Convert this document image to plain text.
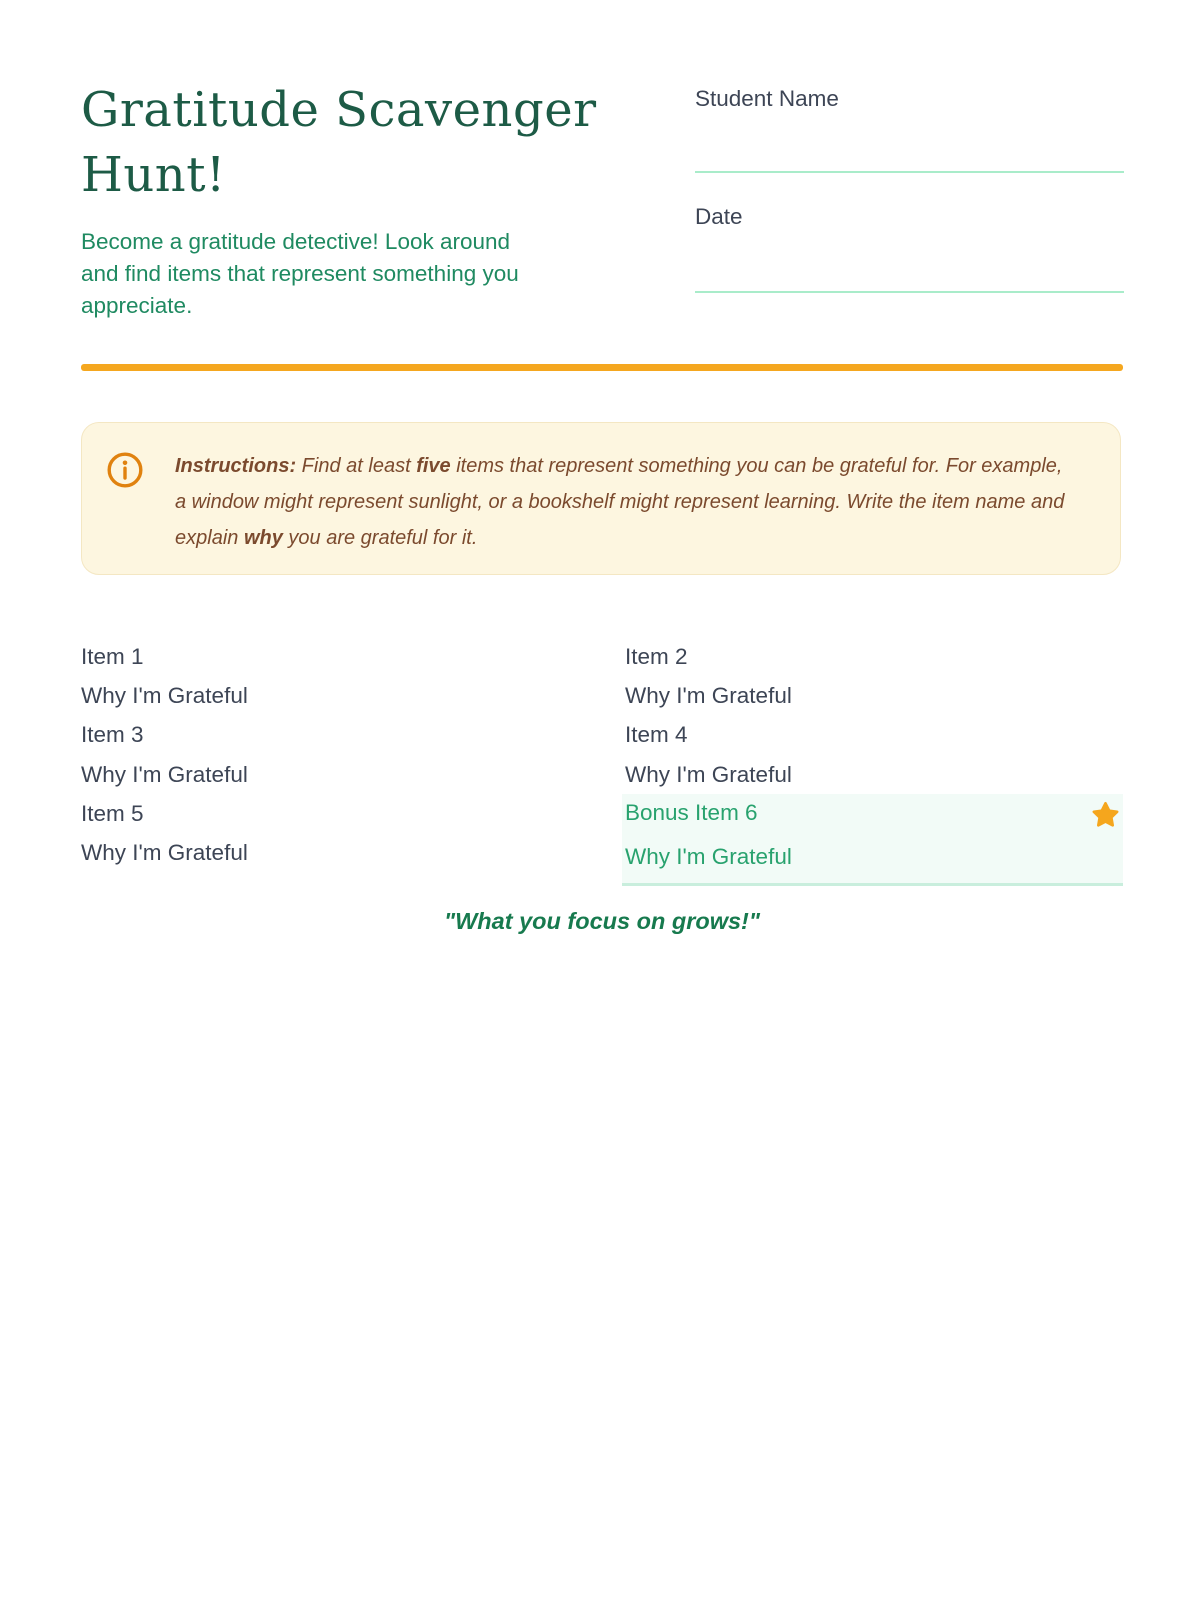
Gratitude Scavenger Hunt!
Become a gratitude detective! Look around
and find items that represent something you
appreciate.
Student Name
Date
Instructions: Find at least five items that represent something you can be grateful for. For example, a window might represent sunlight, or a bookshelf might represent learning. Write the item name and explain why you are grateful for it.
Item 1
Why I'm Grateful
Item 3
Why I'm Grateful
Item 5
Why I'm Grateful
Item 2
Why I'm Grateful
Item 4
Why I'm Grateful
Bonus Item 6
Why I'm Grateful
"What you focus on grows!"
